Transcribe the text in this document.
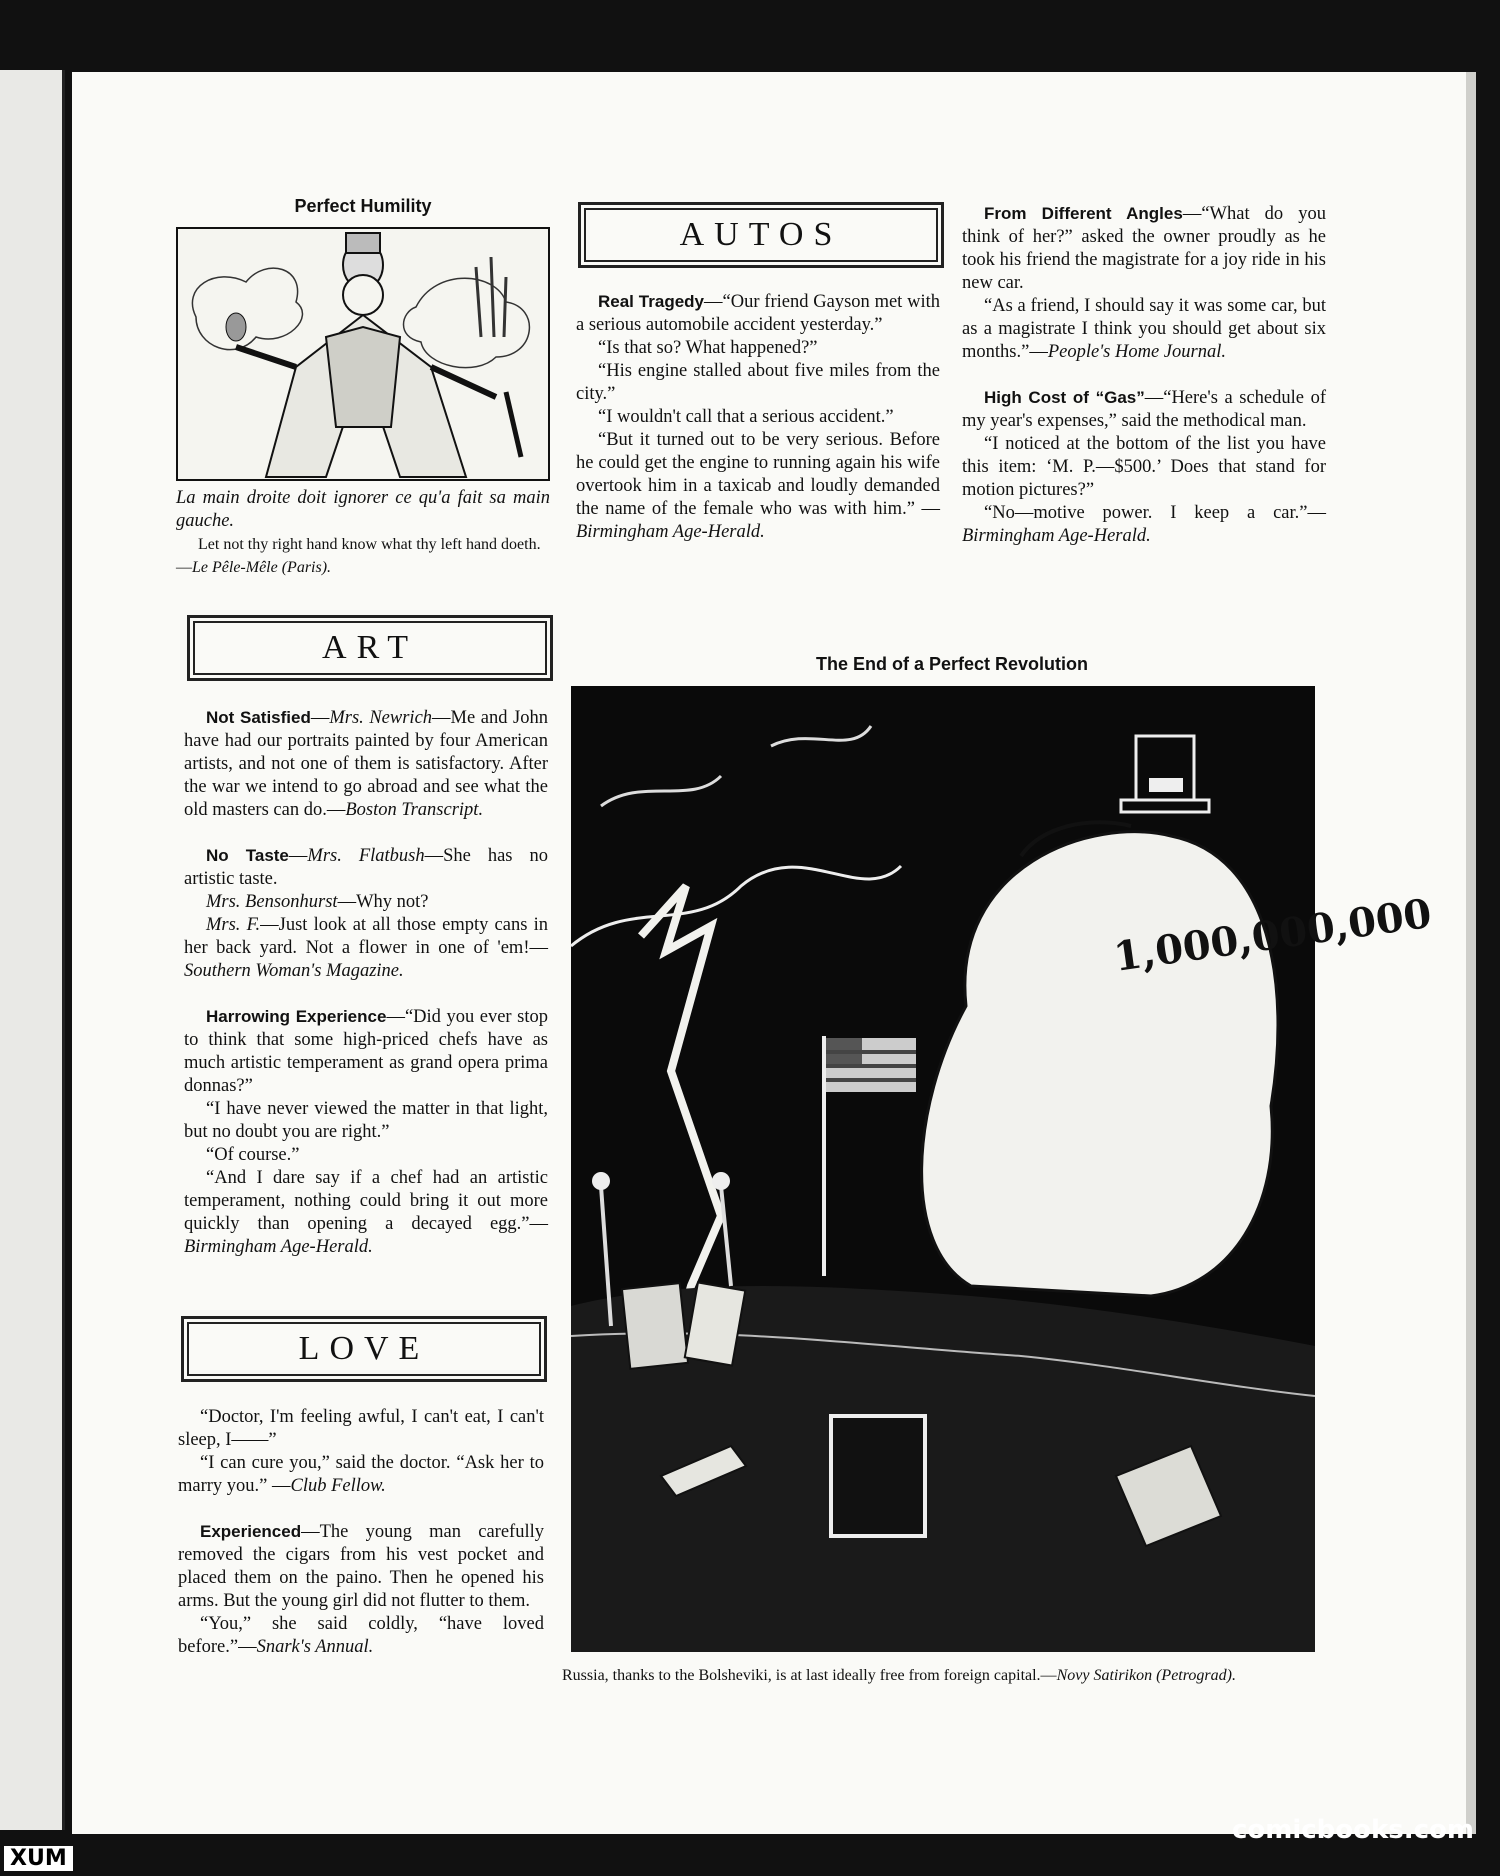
Perfect Humility

La main droite doit ignorer ce qu'a fait sa main gauche.

Let not thy right hand know what thy left hand doeth.—Le Pêle-Mêle (Paris).

ART

Not Satisfied—Mrs. Newrich—Me and John have had our portraits painted by four American artists, and not one of them is satisfactory. After the war we intend to go abroad and see what the old masters can do.—Boston Transcript.

No Taste—Mrs. Flatbush—She has no artistic taste.

Mrs. Bensonhurst—Why not?

Mrs. F.—Just look at all those empty cans in her back yard. Not a flower in one of 'em!—Southern Woman's Magazine.

Harrowing Experience—“Did you ever stop to think that some high-priced chefs have as much artistic temperament as grand opera prima donnas?”

“I have never viewed the matter in that light, but no doubt you are right.”

“Of course.”

“And I dare say if a chef had an artistic temperament, nothing could bring it out more quickly than opening a decayed egg.”—Birmingham Age-Herald.

LOVE

“Doctor, I'm feeling awful, I can't eat, I can't sleep, I——”

“I can cure you,” said the doctor. “Ask her to marry you.” —Club Fellow.

Experienced—The young man carefully removed the cigars from his vest pocket and placed them on the paino. Then he opened his arms. But the young girl did not flutter to them.

“You,” she said coldly, “have loved before.”—Snark's Annual.

AUTOS

Real Tragedy—“Our friend Gayson met with a serious automobile accident yesterday.”

“Is that so? What happened?”

“His engine stalled about five miles from the city.”

“I wouldn't call that a serious accident.”

“But it turned out to be very serious. Before he could get the engine to running again his wife overtook him in a taxicab and loudly demanded the name of the female who was with him.” — Birmingham Age-Herald.

From Different Angles—“What do you think of her?” asked the owner proudly as he took his friend the magistrate for a joy ride in his new car.

“As a friend, I should say it was some car, but as a magistrate I think you should get about six months.”—People's Home Journal.

High Cost of “Gas”—“Here's a schedule of my year's expenses,” said the methodical man.

“I noticed at the bottom of the list you have this item: ‘M. P.—$500.’ Does that stand for motion pictures?”

“No—motive power. I keep a car.”—Birmingham Age-Herald.

The End of a Perfect Revolution
1,000,000,000

Russia, thanks to the Bolsheviki, is at last ideally free from foreign capital.—Novy Satirikon (Petrograd).

comicbooks.com
XUM
